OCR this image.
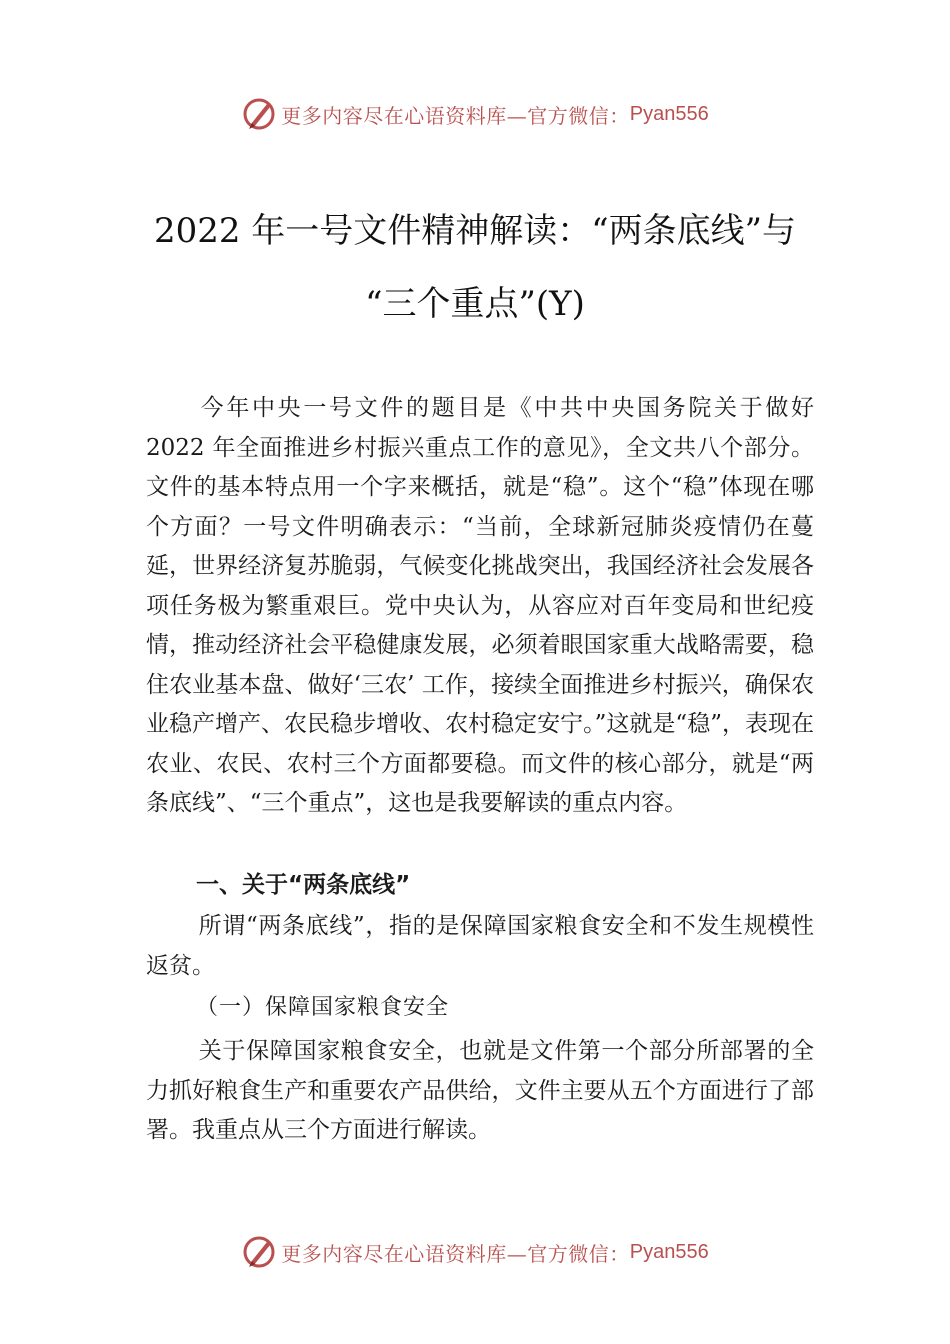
更多内容尽在心语资料库—官方微信： Pyan556
2022 年一号文件精神解读：“两条底线”与
“三个重点”(Y)
今年中央一号文件的题目是《中共中央国务院关于做好 2022 年全面推进乡村振兴重点工作的意见》，全文共八个部分。文件的基本特点用一个字来概括，就是“稳”。这个“稳”体现在哪个方面？一号文件明确表示：“当前，全球新冠肺炎疫情仍在蔓延，世界经济复苏脆弱，气候变化挑战突出，我国经济社会发展各项任务极为繁重艰巨。党中央认为，从容应对百年变局和世纪疫情，推动经济社会平稳健康发展，必须着眼国家重大战略需要，稳住农业基本盘、做好‘三农’ 工作，接续全面推进乡村振兴，确保农业稳产增产、农民稳步增收、农村稳定安宁。”这就是“稳”，表现在农业、农民、农村三个方面都要稳。而文件的核心部分，就是“两条底线”、“三个重点”，这也是我要解读的重点内容。
一、关于“两条底线”
所谓“两条底线”，指的是保障国家粮食安全和不发生规模性返贫。
（一）保障国家粮食安全
关于保障国家粮食安全，也就是文件第一个部分所部署的全力抓好粮食生产和重要农产品供给，文件主要从五个方面进行了部署。我重点从三个方面进行解读。
更多内容尽在心语资料库—官方微信： Pyan556
